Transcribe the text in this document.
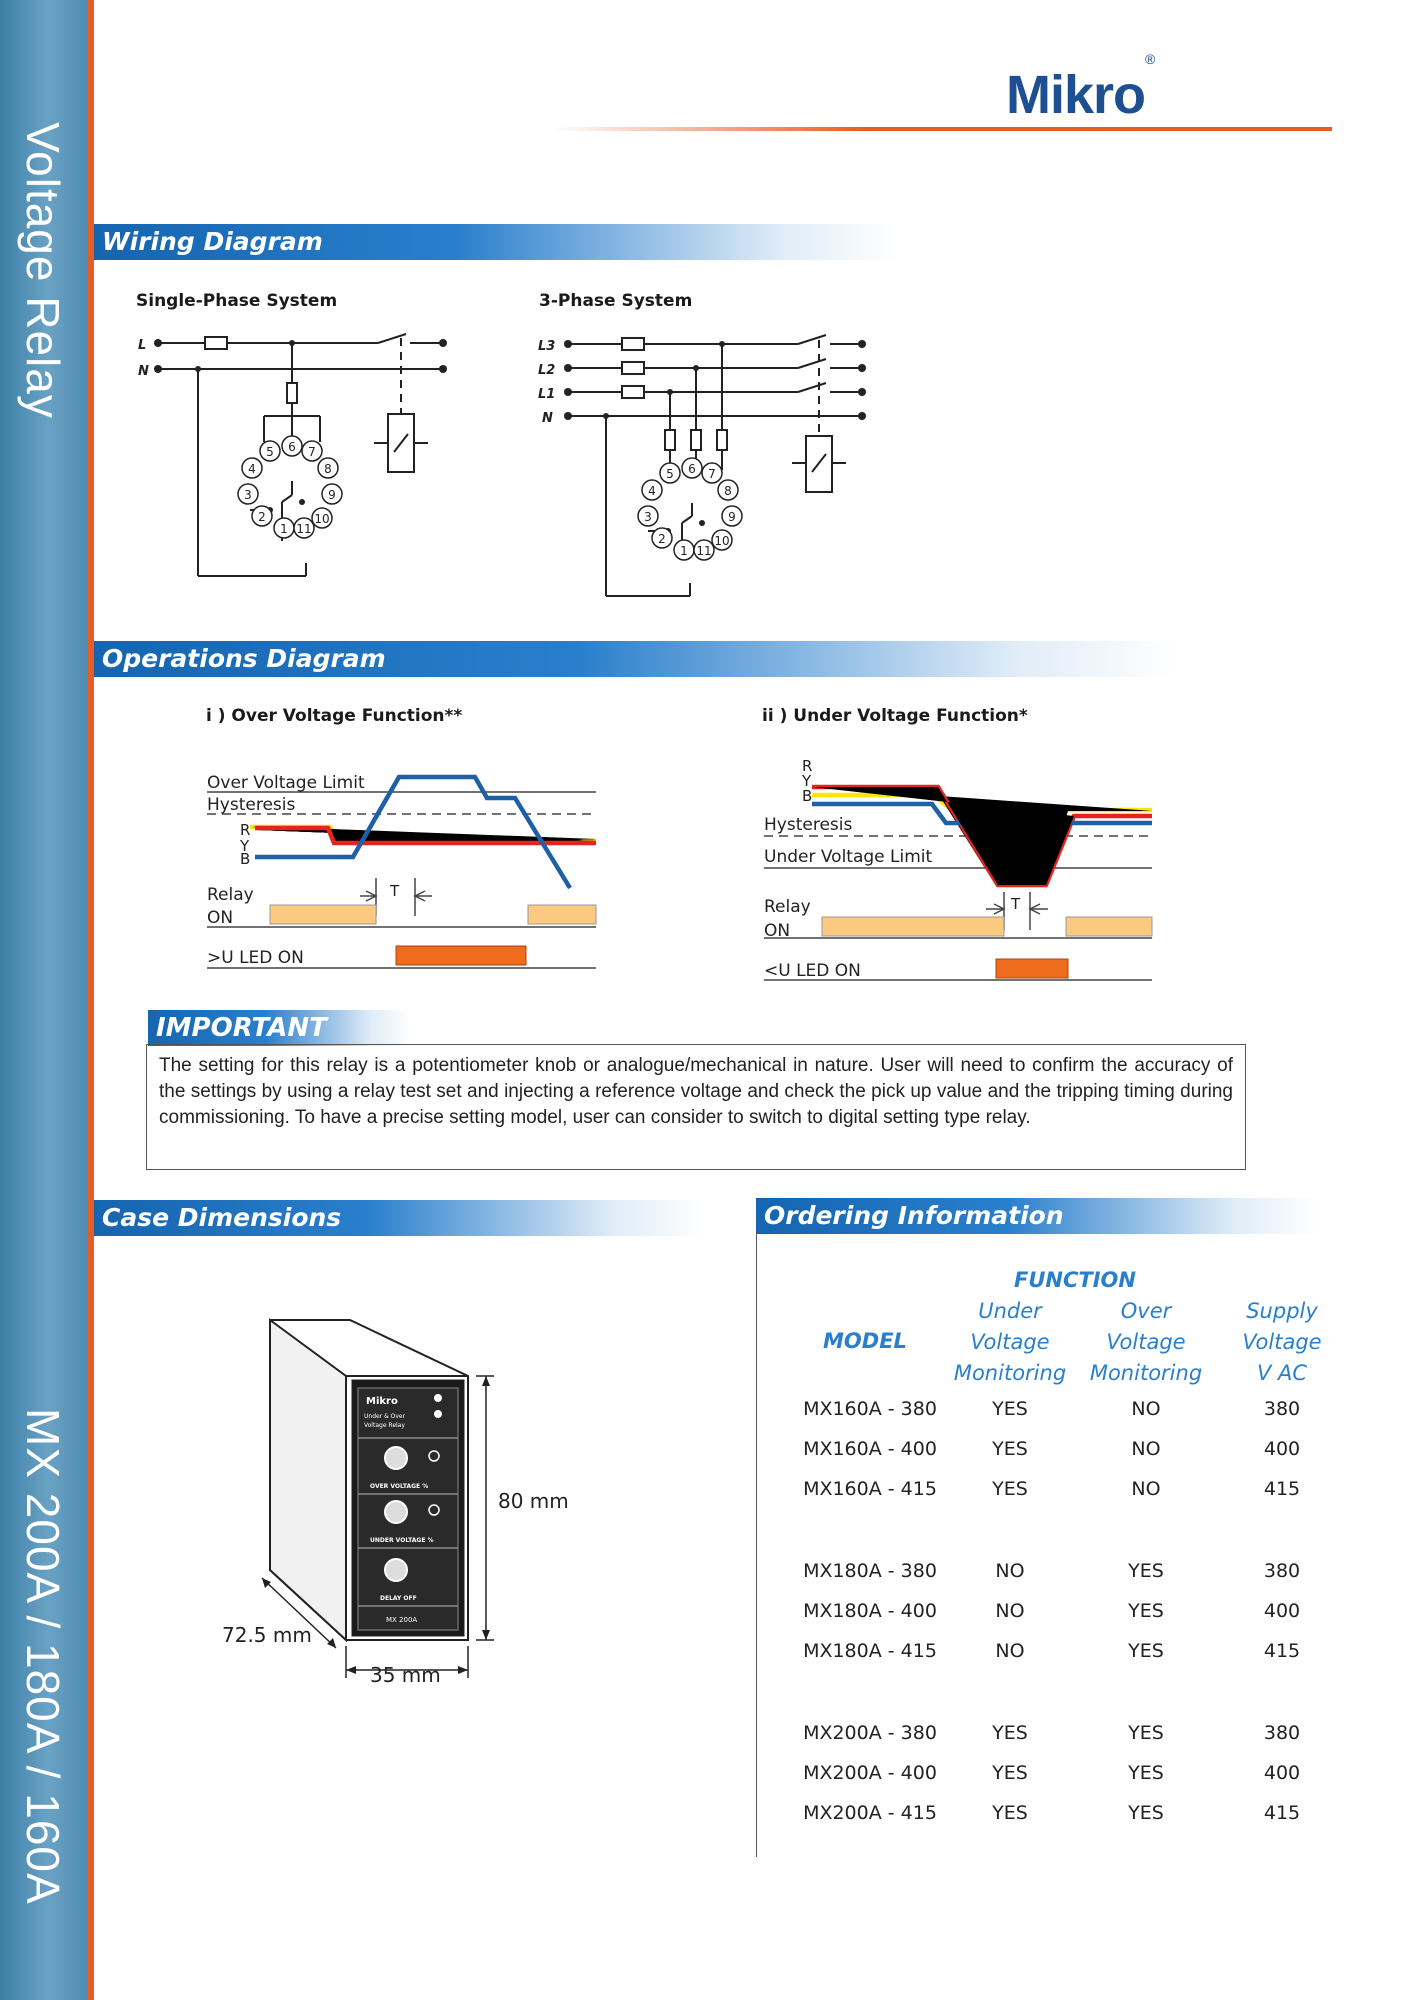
Voltage Relay
MX 200A / 180A / 160A
Mikro®
Wiring Diagram
Single-Phase System	3-Phase System
L
N
1
2
3
4
5 6 7
8
9
10
11
L3
L2
L1
N
1
2
3
4
5 6 7
8
9
10
11
Operations Diagram
i ) Over Voltage Function**	ii ) Under Voltage Function*
Over Voltage Limit
Hysteresis
R
Y
B
Relay
ON
T
>U LED ON
R
Y
B
Hysteresis
Under Voltage Limit
Relay
ON
T
<U LED ON
IMPORTANT
The setting for this relay is a potentiometer knob or analogue/mechanical in nature. User will need to confirm the accuracy of the settings by using a relay test set and injecting a reference voltage and check the pick up value and the tripping timing during commissioning. To have a precise setting model, user can consider to switch to digital setting type relay.
Case Dimensions
Mikro
Under & Over
Voltage Relay
OVER VOLTAGE %
UNDER VOLTAGE %
DELAY OFF
MX 200A
80 mm
72.5 mm
35 mm
Ordering Information
FUNCTION
MODEL
Under
Voltage
Monitoring
Over
Voltage
Monitoring
Supply
Voltage
V AC
MX160A - 380	YES	NO	380
MX160A - 400	YES	NO	400
MX160A - 415	YES	NO	415
MX180A - 380	NO	YES	380
MX180A - 400	NO	YES	400
MX180A - 415	NO	YES	415
MX200A - 380	YES	YES	380
MX200A - 400	YES	YES	400
MX200A - 415	YES	YES	415
